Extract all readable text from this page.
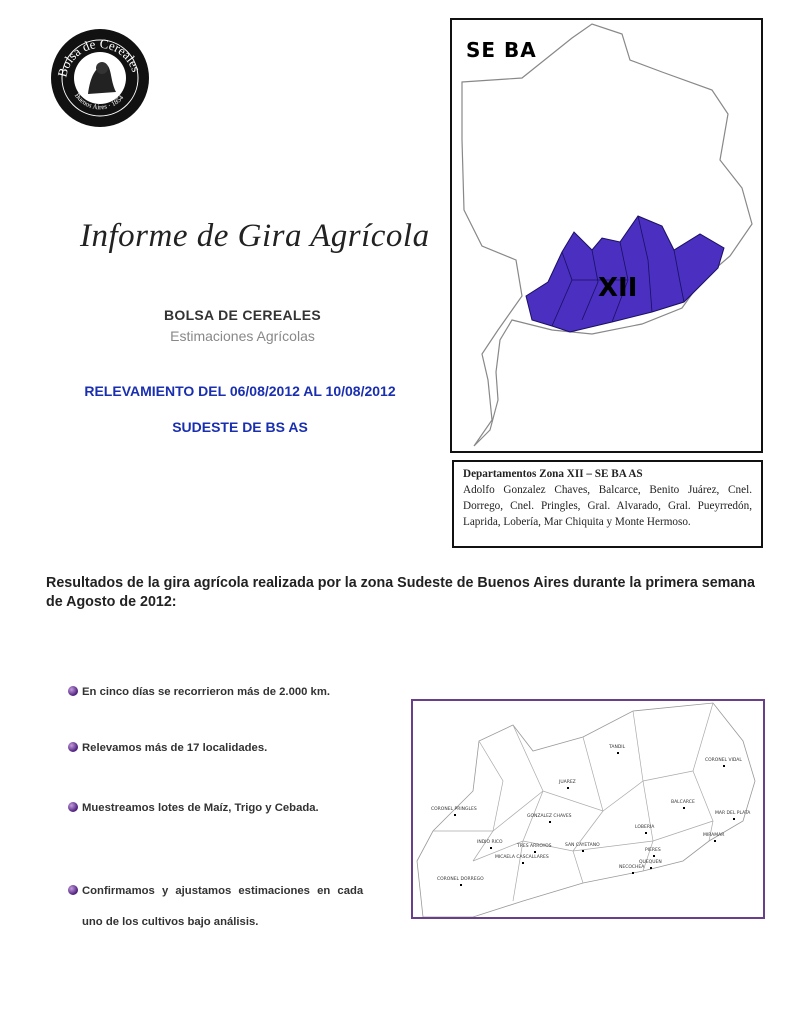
Bolsa de Cereales
Buenos Aires · 1854
Informe de Gira Agrícola
BOLSA DE CEREALES
Estimaciones Agrícolas
RELEVAMIENTO DEL 06/08/2012 AL 10/08/2012
SUDESTE DE BS AS
XII
SE BA
Departamentos Zona XII – SE BA AS
Adolfo Gonzalez Chaves, Balcarce, Benito Juárez, Cnel. Dorrego, Cnel. Pringles, Gral. Alvarado, Gral. Pueyrredón, Laprida, Lobería, Mar Chiquita y Monte Hermoso.
Resultados de la gira agrícola realizada por la zona Sudeste de Buenos Aires durante la primera semana de Agosto de 2012:
En cinco días se recorrieron más de 2.000 km.
Relevamos más de 17 localidades.
Muestreamos lotes de Maíz, Trigo y Cebada.
Confirmamos y ajustamos estimaciones en cada
uno de los cultivos bajo análisis.
TANDIL
CORONEL VIDAL
JUAREZ
BALCARCE
MAR DEL PLATA
CORONEL PRINGLES
GONZALEZ CHAVES
LOBERIA
MIRAMAR
INDIO RICO
TRES ARROYOS	SAN CAYETANO
PIERES
MICAELA CASCALLARES
QUEQUEN
NECOCHEA
CORONEL DORREGO
